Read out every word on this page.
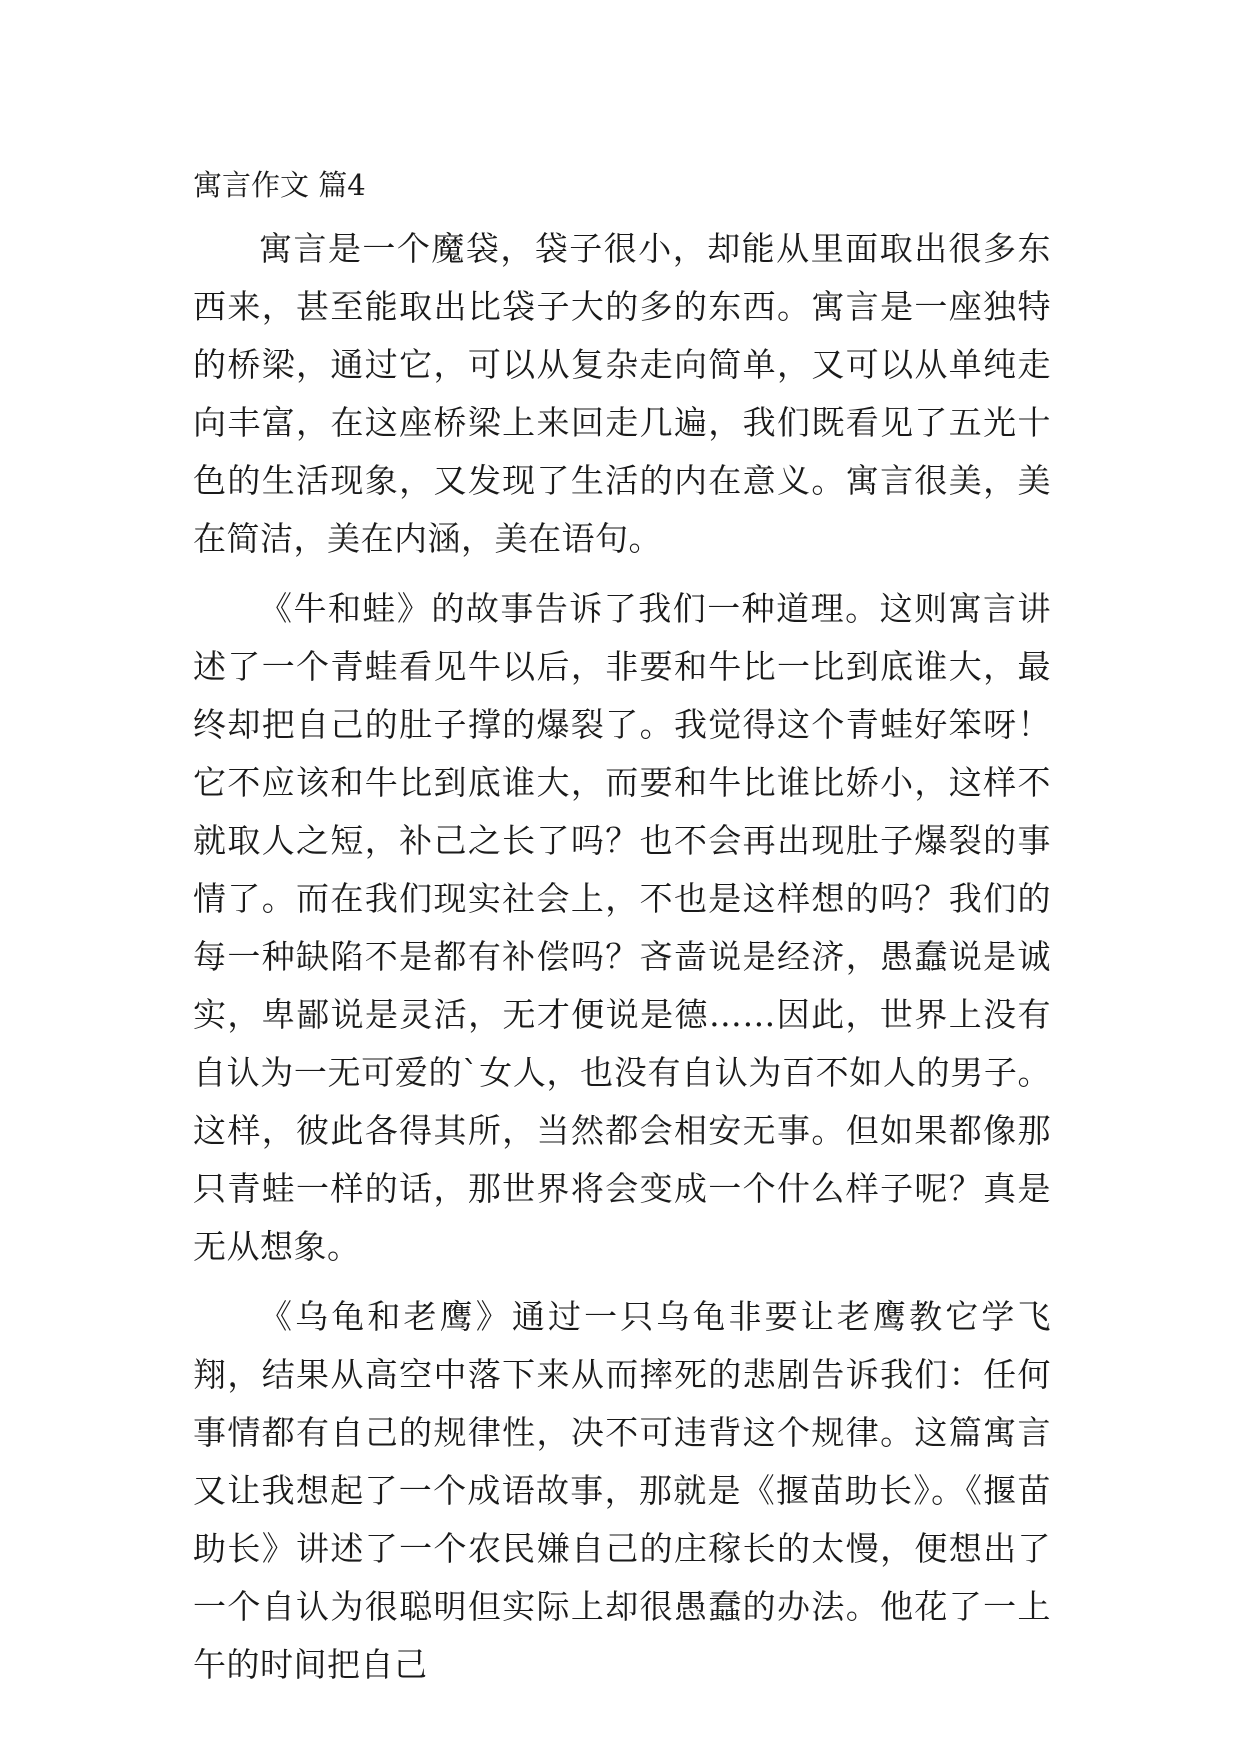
寓言作文 篇4

寓言是一个魔袋，袋子很小，却能从里面取出很多东西来，甚至能取出比袋子大的多的东西。寓言是一座独特的桥梁，通过它，可以从复杂走向简单，又可以从单纯走向丰富，在这座桥梁上来回走几遍，我们既看见了五光十色的生活现象，又发现了生活的内在意义。寓言很美，美在简洁，美在内涵，美在语句。

《牛和蛙》的故事告诉了我们一种道理。这则寓言讲述了一个青蛙看见牛以后，非要和牛比一比到底谁大，最终却把自己的肚子撑的爆裂了。我觉得这个青蛙好笨呀！它不应该和牛比到底谁大，而要和牛比谁比娇小，这样不就取人之短，补己之长了吗？也不会再出现肚子爆裂的事情了。而在我们现实社会上，不也是这样想的吗？我们的每一种缺陷不是都有补偿吗？吝啬说是经济，愚蠢说是诚实，卑鄙说是灵活，无才便说是德……因此，世界上没有自认为一无可爱的`女人，也没有自认为百不如人的男子。这样，彼此各得其所，当然都会相安无事。但如果都像那只青蛙一样的话，那世界将会变成一个什么样子呢？真是无从想象。

《乌龟和老鹰》通过一只乌龟非要让老鹰教它学飞翔，结果从高空中落下来从而摔死的悲剧告诉我们：任何事情都有自己的规律性，决不可违背这个规律。这篇寓言又让我想起了一个成语故事，那就是《揠苗助长》。《揠苗助长》讲述了一个农民嫌自己的庄稼长的太慢，便想出了一个自认为很聪明但实际上却很愚蠢的办法。他花了一上午的时间把自己
